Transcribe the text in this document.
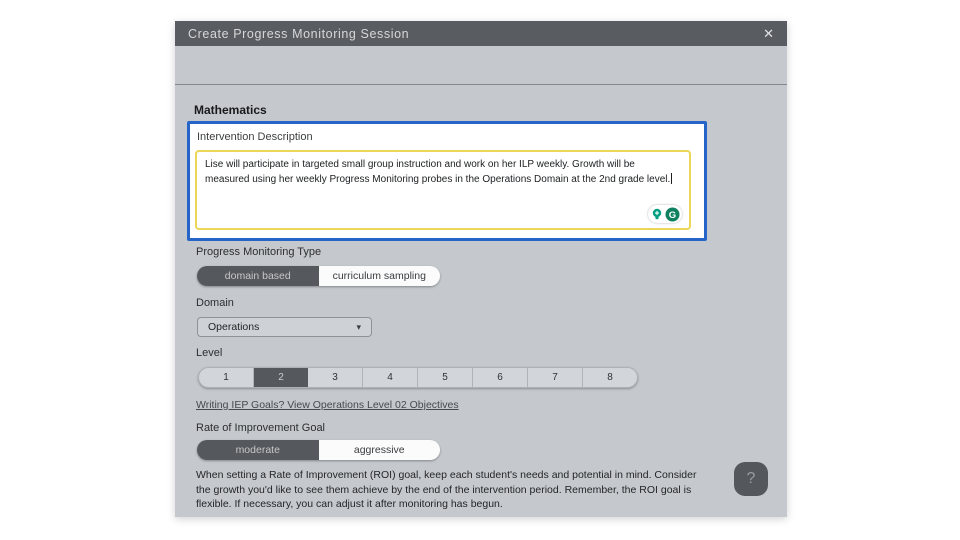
Create Progress Monitoring Session	✕
Mathematics
Intervention Description
Lise will participate in targeted small group instruction and work on her ILP weekly. Growth will be measured using her weekly Progress Monitoring probes in the Operations Domain at the 2nd grade level.
G
Progress Monitoring Type
domain based	curriculum sampling
Domain
Operations	▾
Level
1	2	3	4	5	6	7	8
Writing IEP Goals? View Operations Level 02 Objectives
Rate of Improvement Goal
moderate	aggressive
When setting a Rate of Improvement (ROI) goal, keep each student's needs and potential in mind. Consider the growth you'd like to see them achieve by the end of the intervention period. Remember, the ROI goal is flexible. If necessary, you can adjust it after monitoring has begun.
?
